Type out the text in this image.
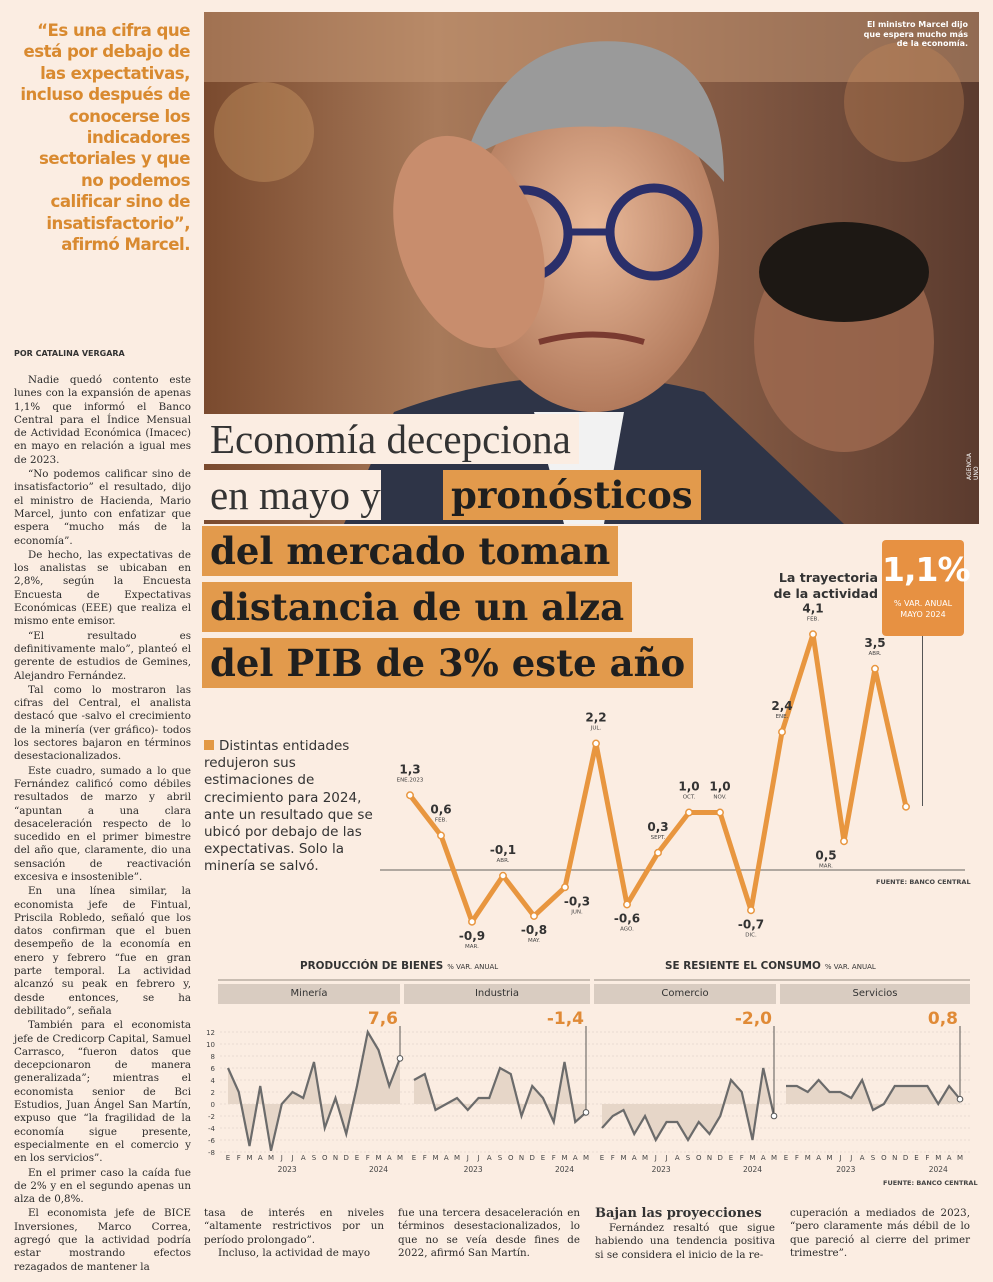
“Es una cifra que está por debajo de las expectativas, incluso después de conocerse los indicadores sectoriales y que no podemos calificar sino de insatisfactorio”, afirmó Marcel.
POR CATALINA VERGARA

Nadie quedó contento este lunes con la expansión de apenas 1,1% que informó el Banco Central para el Índice Mensual de Actividad Económica (Imacec) en mayo en relación a igual mes de 2023.

“No podemos calificar sino de insatisfactorio” el resultado, dijo el ministro de Hacienda, Mario Marcel, junto con enfatizar que espera “mucho más de la economía”.

De hecho, las expectativas de los analistas se ubicaban en 2,8%, según la Encuesta Encuesta de Expectativas Económicas (EEE) que realiza el mismo ente emisor.

“El resultado es definitivamente malo”, planteó el gerente de estudios de Gemines, Alejandro Fernández.

Tal como lo mostraron las cifras del Central, el analista destacó que -salvo el crecimiento de la minería (ver gráfico)- todos los sectores bajaron en términos desestacionalizados.

Este cuadro, sumado a lo que Fernández calificó como débiles resultados de marzo y abril “apuntan a una clara desaceleración respecto de lo sucedido en el primer bimestre del año que, claramente, dio una sensación de reactivación excesiva e insostenible”.

En una línea similar, la economista jefe de Fintual, Priscila Robledo, señaló que los datos confirman que el buen desempeño de la economía en enero y febrero “fue en gran parte temporal. La actividad alcanzó su peak en febrero y, desde entonces, se ha debilitado”, señala

También para el economista jefe de Credicorp Capital, Samuel Carrasco, “fueron datos que decepcionaron de manera generalizada”; mientras el economista senior de Bci Estudios, Juan Ángel San Martín, expuso que “la fragilidad de la economía sigue presente, especialmente en el comercio y en los servicios”.

En el primer caso la caída fue de 2% y en el segundo apenas un alza de 0,8%.

El economista jefe de BICE Inversiones, Marco Correa, agregó que la actividad podría estar mostrando efectos rezagados de mantener la

El ministro Marcel dijo que espera mucho más de la economía.
AGENCIA UNO
Economía decepciona
en mayo y pronósticos
del mercado toman
distancia de un alza
del PIB de 3% este año
Distintas entidades redujeron sus estimaciones de crecimiento para 2024, ante un resultado que se ubicó por debajo de las expectativas. Solo la minería se salvó.
La trayectoria de la actividad
1,1%
% VAR. ANUAL
MAYO 2024
1,3
ENE.2023
0,6
FEB.
-0,9
MAR.
-0,1
ABR.
-0,8
MAY.
-0,3
JUN.
2,2
JUL.
-0,6
AGO.
0,3
SEPT.
1,0
OCT.
1,0
NOV.
-0,7
DIC.
2,4
ENE.
4,1
FEB.
0,5
MAR.
3,5
ABR.
FUENTE: BANCO CENTRAL
PRODUCCIÓN DE BIENES % VAR. ANUAL	SE RESIENTE EL CONSUMO % VAR. ANUAL
Minería	Industria	Comercio	Servicios
12
10
8
6
4
2
0
-2
-4
-6
-8
7,6
E F M A M J J A S O N D E F M A M
2023	2024
-1,4
E F M A M J J A S O N D E F M A M
2023	2024
-2,0
E F M A M J J A S O N D E F M A M
2023	2024
0,8
E F M A M J J A S O N D E F M A M
2023	2024
FUENTE: BANCO CENTRAL

tasa de interés en niveles “altamente restrictivos por un período prolongado”.

Incluso, la actividad de mayo

fue una tercera desaceleración en términos desestacionalizados, lo que no se veía desde fines de 2022, afirmó San Martín.

Bajan las proyecciones

Fernández resaltó que sigue habiendo una tendencia positiva si se considera el inicio de la re-

cuperación a mediados de 2023, “pero claramente más débil de lo que pareció al cierre del primer trimestre”.
